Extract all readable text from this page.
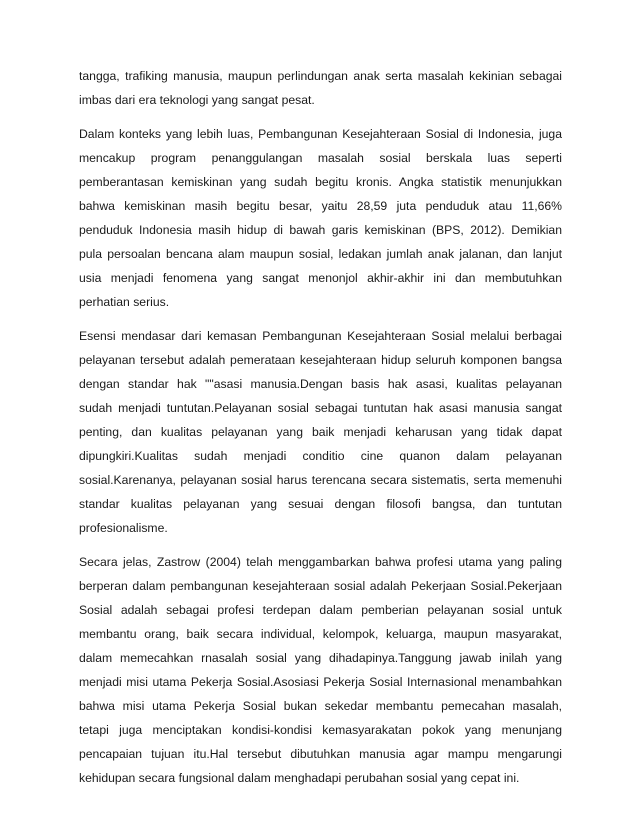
tangga, trafiking manusia, maupun perlindungan anak serta masalah kekinian sebagai
imbas dari era teknologi yang sangat pesat.
Dalam konteks yang lebih luas, Pembangunan Kesejahteraan Sosial di Indonesia, juga
mencakup program penanggulangan masalah sosial berskala luas seperti
pemberantasan kemiskinan yang sudah begitu kronis. Angka statistik menunjukkan
bahwa kemiskinan masih begitu besar, yaitu 28,59 juta penduduk atau 11,66%
penduduk Indonesia masih hidup di bawah garis kemiskinan (BPS, 2012). Demikian
pula persoalan bencana alam maupun sosial, ledakan jumlah anak jalanan, dan lanjut
usia menjadi fenomena yang sangat menonjol akhir-akhir ini dan membutuhkan
perhatian serius.
Esensi mendasar dari kemasan Pembangunan Kesejahteraan Sosial melalui berbagai
pelayanan tersebut adalah pemerataan kesejahteraan hidup seluruh komponen bangsa
dengan standar hak ""asasi manusia.Dengan basis hak asasi, kualitas pelayanan
sudah menjadi tuntutan.Pelayanan sosial sebagai tuntutan hak asasi manusia sangat
penting, dan kualitas pelayanan yang baik menjadi keharusan yang tidak dapat
dipungkiri.Kualitas sudah menjadi conditio cine quanon dalam pelayanan
sosial.Karenanya, pelayanan sosial harus terencana secara sistematis, serta memenuhi
standar kualitas pelayanan yang sesuai dengan filosofi bangsa, dan tuntutan
profesionalisme.
Secara jelas, Zastrow (2004) telah menggambarkan bahwa profesi utama yang paling
berperan dalam pembangunan kesejahteraan sosial adalah Pekerjaan Sosial.Pekerjaan
Sosial adalah sebagai profesi terdepan dalam pemberian pelayanan sosial untuk
membantu orang, baik secara individual, kelompok, keluarga, maupun masyarakat,
dalam memecahkan rnasalah sosial yang dihadapinya.Tanggung jawab inilah yang
menjadi misi utama Pekerja Sosial.Asosiasi Pekerja Sosial Internasional menambahkan
bahwa misi utama Pekerja Sosial bukan sekedar membantu pemecahan masalah,
tetapi juga menciptakan kondisi-kondisi kemasyarakatan pokok yang menunjang
pencapaian tujuan itu.Hal tersebut dibutuhkan manusia agar mampu mengarungi
kehidupan secara fungsional dalam menghadapi perubahan sosial yang cepat ini.
